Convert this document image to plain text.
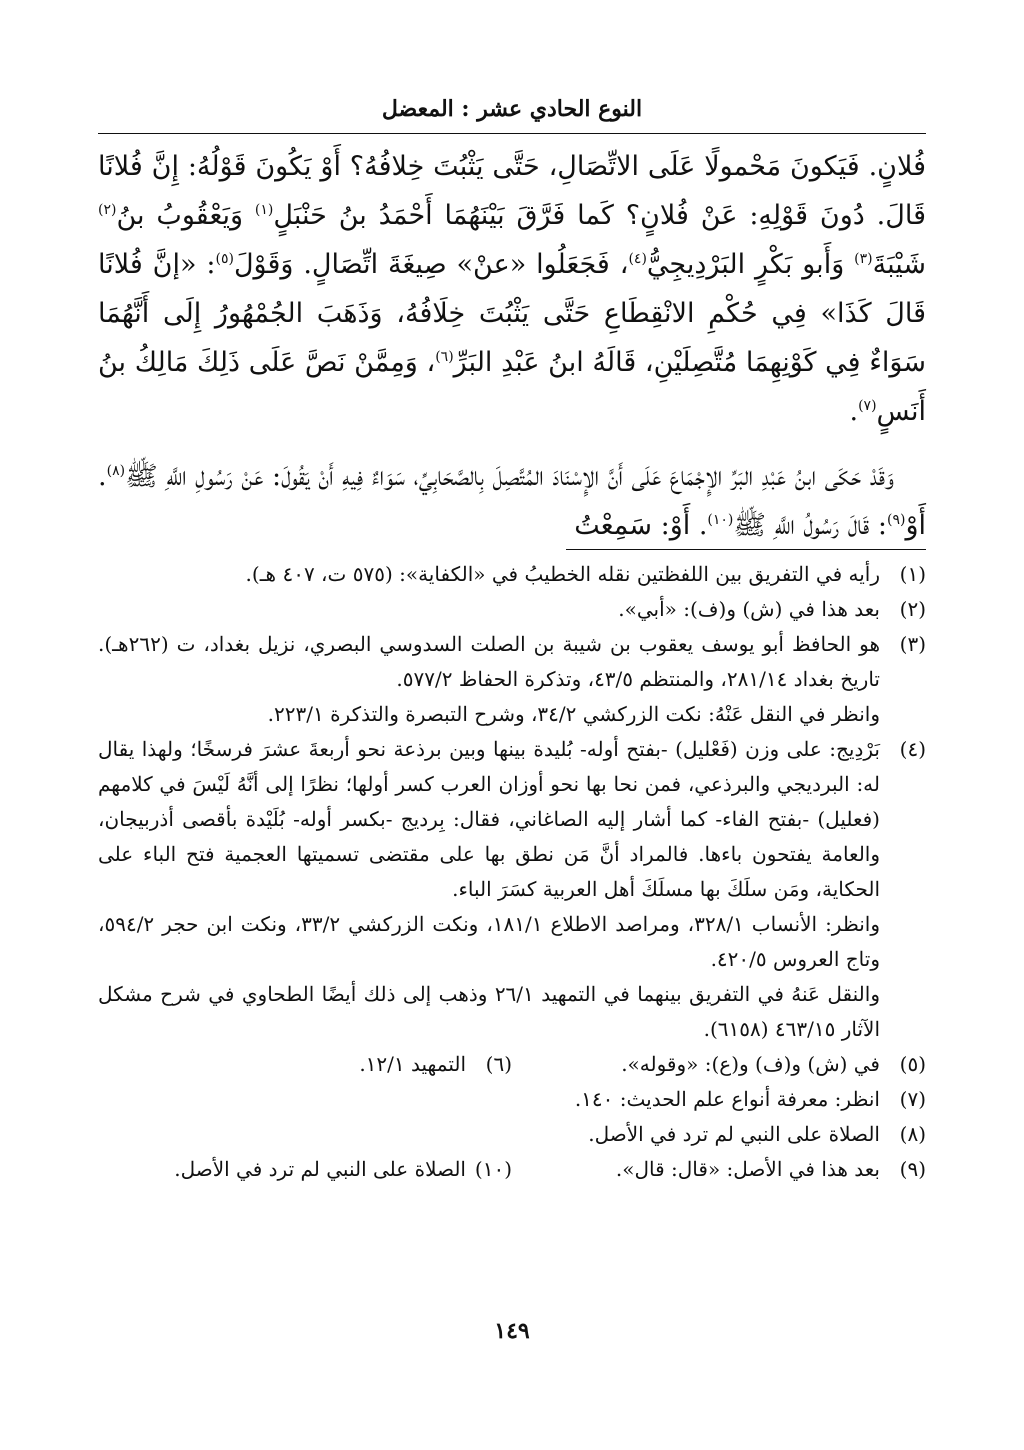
النوع الحادي عشر : المعضل

فُلانٍ. فَيَكونَ مَحْمولًا عَلَى الاتِّصَالِ، حَتَّى يَثْبُتَ خِلافُهُ؟ أَوْ يَكُونَ قَوْلُهُ: إِنَّ فُلانًا قَالَ. دُونَ قَوْلِهِ: عَنْ فُلانٍ؟ كَما فَرَّقَ بَيْنَهُمَا أَحْمَدُ بنُ حَنْبَلٍ$^{(١)}$ وَيَعْقُوبُ بنُ$^{(٢)}$ شَيْبَةَ$^{(٣)}$ وَأَبو بَكْرٍ البَرْدِيجِيُّ$^{(٤)}$، فَجَعَلُوا «عنْ» صِيغَةَ اتِّصَالٍ. وَقَوْلَ$^{(٥)}$: «إنَّ فُلانًا قَالَ كَذَا» فِي حُكْمِ الانْقِطَاعِ حَتَّى يَثْبُتَ خِلَافُهُ، وَذَهَبَ الجُمْهُورُ إِلَى أَنَّهُمَا سَوَاءٌ فِي كَوْنِهِمَا مُتَّصِلَيْنِ، قَالَهُ ابنُ عَبْدِ البَرِّ$^{(٦)}$، وَمِمَّنْ نَصَّ عَلَى ذَلِكَ مَالِكُ بنُ أَنَسٍ$^{(٧)}$.

وَقَدْ حَكَى ابنُ عَبْدِ البَرِّ الإِجْمَاعَ عَلَى أَنَّ الإِسْنَادَ المُتَّصِلَ بِالصَّحَابِيِّ، سَوَاءٌ فِيهِ أَنْ يَقُولَ: عَنْ رَسُولِ اللَّهِ ﷺ$^{(٨)}$. أَوْ$^{(٩)}$: قَالَ رَسُولُ اللَّهِ ﷺ$^{(١٠)}$. أَوْ: سَمِعْتُ

(١)
رأيه في التفريق بين اللفظتين نقله الخطيبُ في «الكفاية»: (٥٧٥ ت، ٤٠٧ هـ).
(٢)
بعد هذا في (ش) و(ف): «أبي».
(٣)
هو الحافظ أبو يوسف يعقوب بن شيبة بن الصلت السدوسي البصري، نزيل بغداد، ت (٢٦٢هـ). تاريخ بغداد ٢٨١/١٤، والمنتظم ٤٣/٥، وتذكرة الحفاظ ٥٧٧/٢.
وانظر في النقل عَنْهُ: نكت الزركشي ٣٤/٢، وشرح التبصرة والتذكرة ٢٢٣/١.
(٤)
بَرْدِيج: على وزن (فَعْليل) -بفتح أوله- بُليدة بينها وبين برذعة نحو أربعةَ عشرَ فرسخًا؛ ولهذا يقال له: البرديجي والبرذعي، فمن نحا بها نحو أوزان العرب كسر أولها؛ نظرًا إلى أنَّهُ لَيْسَ في كلامهم (فعليل) -بفتح الفاء- كما أشار إليه الصاغاني، فقال: بِرديج -بكسر أوله- بُلَيْدة بأقصى أذربيجان، والعامة يفتحون باءها. فالمراد أنَّ مَن نطق بها على مقتضى تسميتها العجمية فتح الباء على الحكاية، ومَن سلَكَ بها مسلَكَ أهل العربية كسَرَ الباء.
وانظر: الأنساب ٣٢٨/١، ومراصد الاطلاع ١٨١/١، ونكت الزركشي ٣٣/٢، ونكت ابن حجر ٥٩٤/٢، وتاج العروس ٤٢٠/٥.
والنقل عَنهُ في التفريق بينهما في التمهيد ٢٦/١ وذهب إلى ذلك أيضًا الطحاوي في شرح مشكل الآثار ٤٦٣/١٥ (٦١٥٨).
(٥)
في (ش) و(ف) و(ع): «وقوله».
(٦)
التمهيد ١٢/١.
(٧)
انظر: معرفة أنواع علم الحديث: ١٤٠.
(٨)
الصلاة على النبي لم ترد في الأصل.
(٩)
بعد هذا في الأصل: «قال: قال».
(١٠)
الصلاة على النبي لم ترد في الأصل.
١٤٩
